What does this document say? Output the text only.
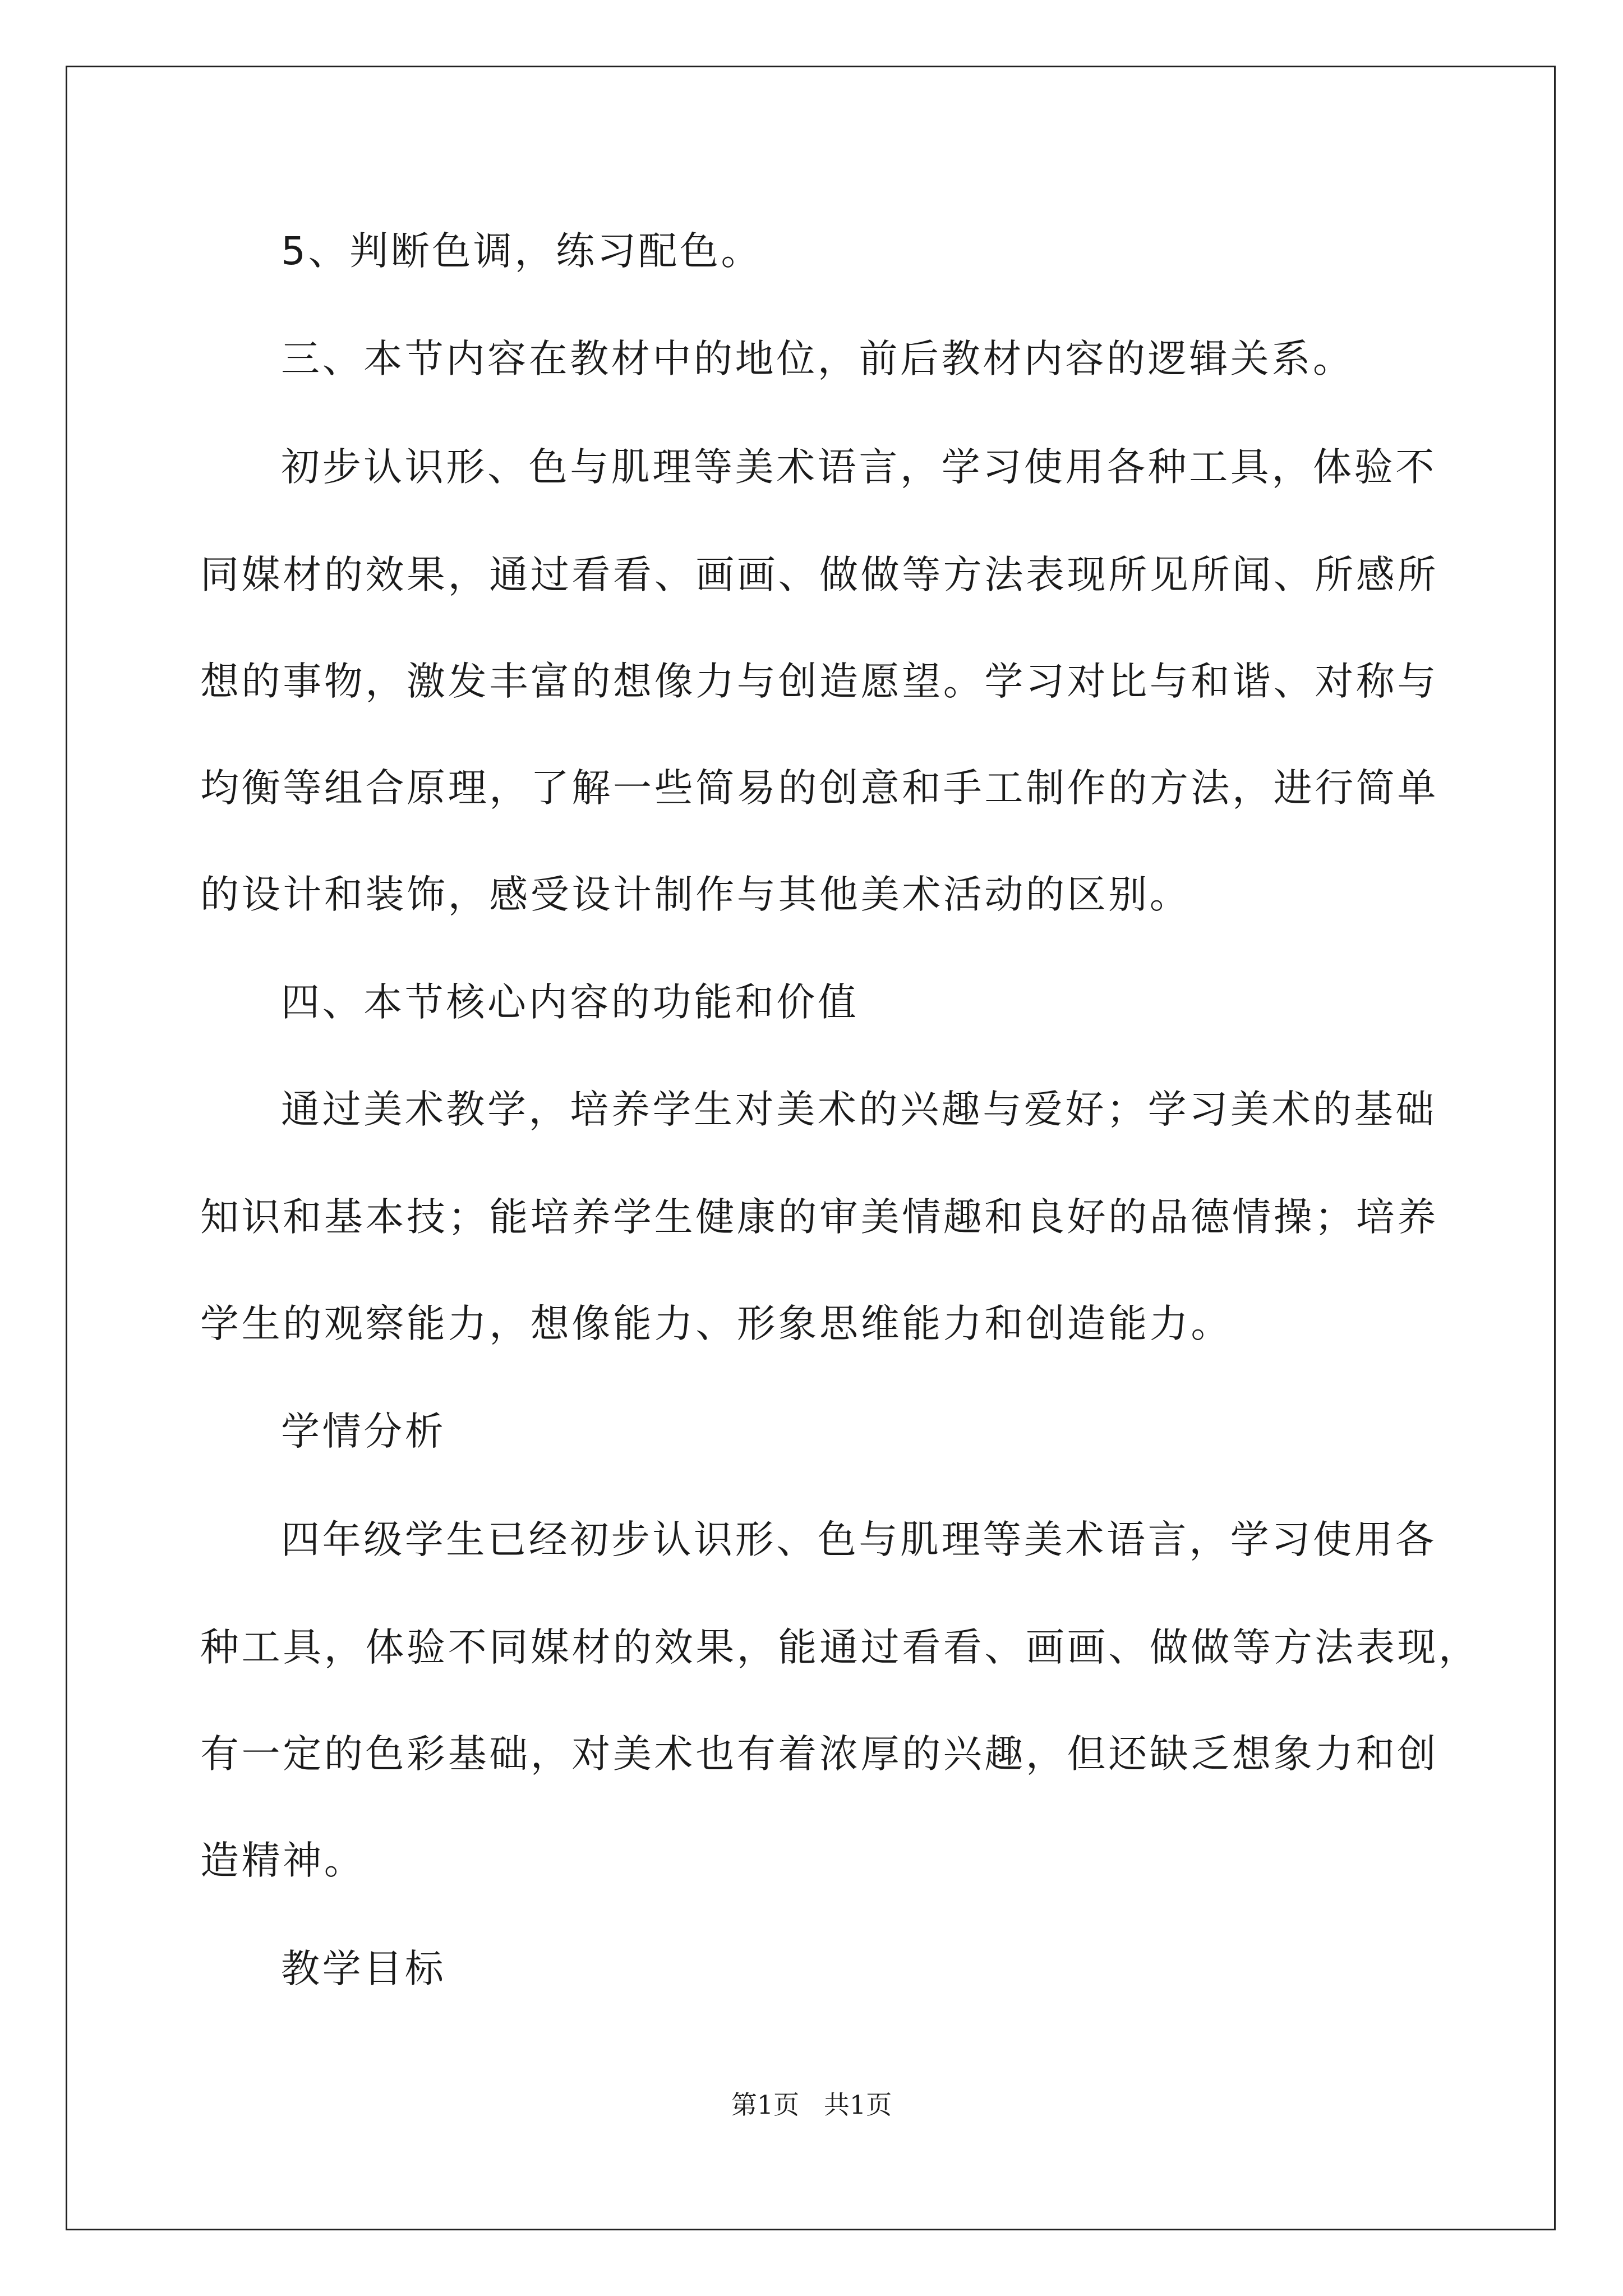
5、判断色调，练习配色。
三、本节内容在教材中的地位，前后教材内容的逻辑关系。
初步认识形、色与肌理等美术语言，学习使用各种工具，体验不
同媒材的效果，通过看看、画画、做做等方法表现所见所闻、所感所
想的事物，激发丰富的想像力与创造愿望。学习对比与和谐、对称与
均衡等组合原理，了解一些简易的创意和手工制作的方法，进行简单
的设计和装饰，感受设计制作与其他美术活动的区别。
四、本节核心内容的功能和价值
通过美术教学，培养学生对美术的兴趣与爱好；学习美术的基础
知识和基本技；能培养学生健康的审美情趣和良好的品德情操；培养
学生的观察能力，想像能力、形象思维能力和创造能力。
学情分析
四年级学生已经初步认识形、色与肌理等美术语言，学习使用各
种工具，体验不同媒材的效果，能通过看看、画画、做做等方法表现，
有一定的色彩基础，对美术也有着浓厚的兴趣，但还缺乏想象力和创
造精神。
教学目标
第1页   共1页
